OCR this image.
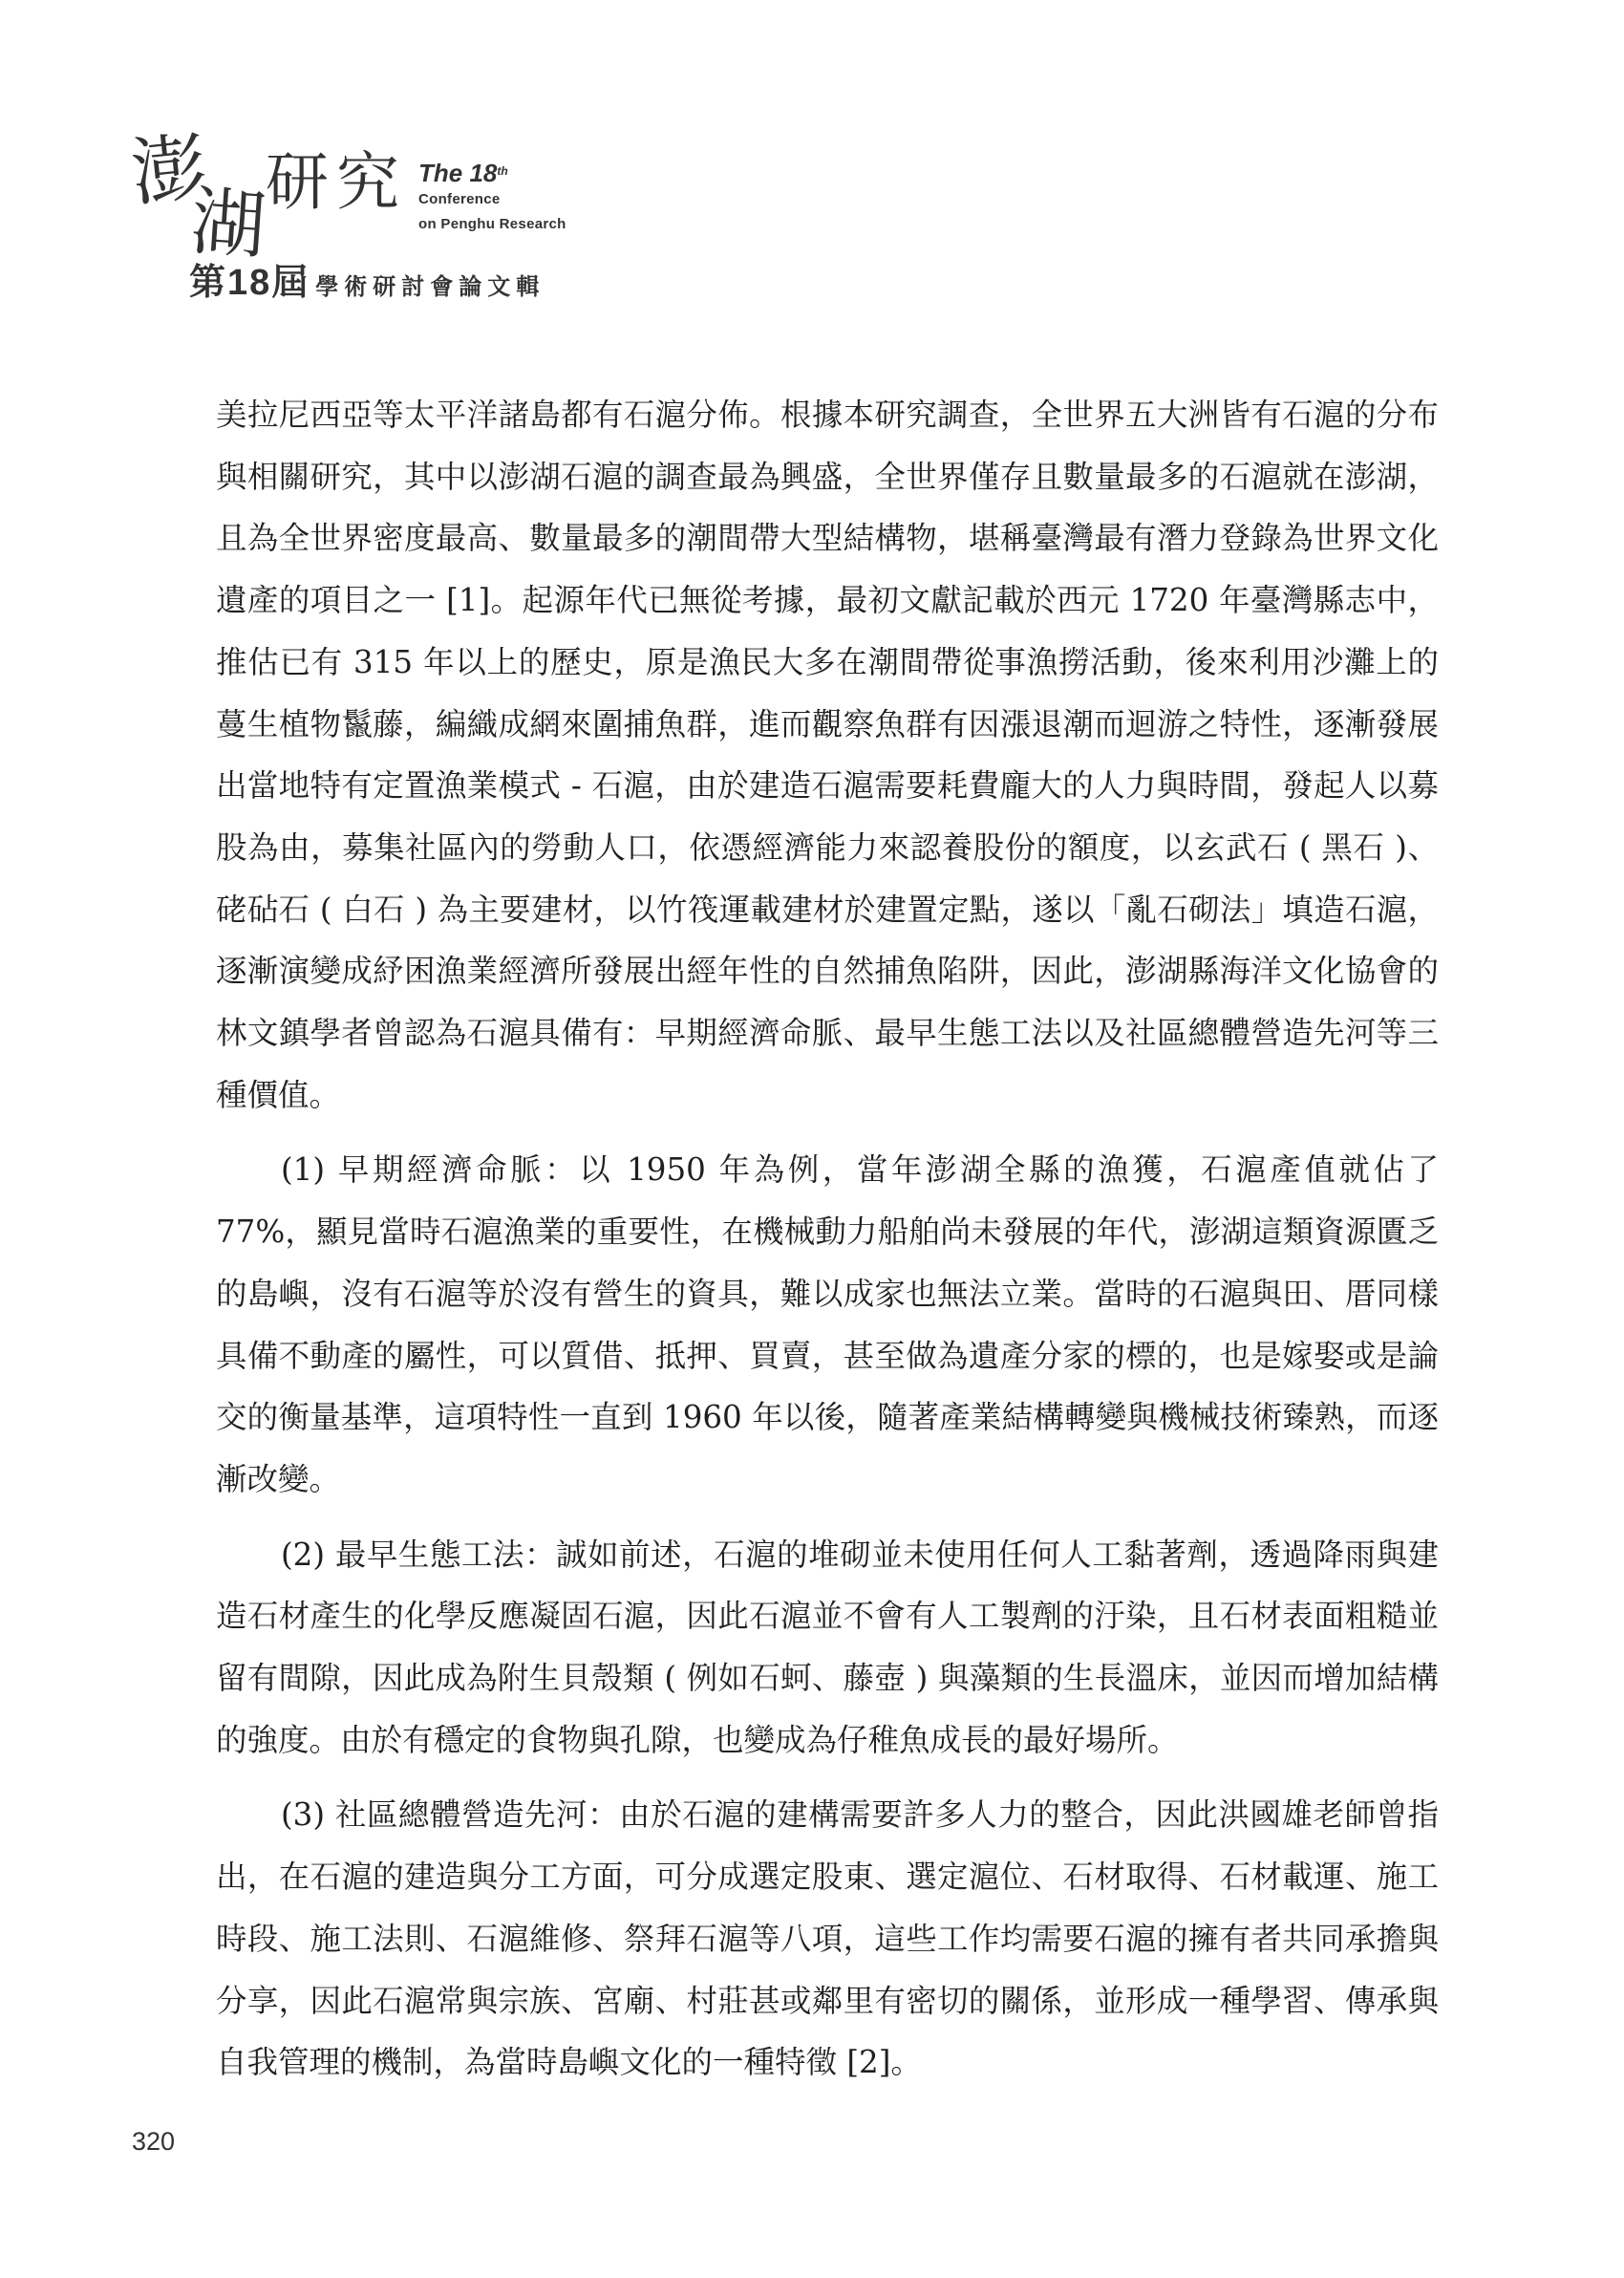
澎
湖
研 究 The 18th
Conference
on Penghu Research
第18屆 學術研討會論文輯

美拉尼西亞等太平洋諸島都有石滬分佈。根據本研究調查，全世界五大洲皆有石滬的分布與相關研究，其中以澎湖石滬的調查最為興盛，全世界僅存且數量最多的石滬就在澎湖，且為全世界密度最高、數量最多的潮間帶大型結構物，堪稱臺灣最有潛力登錄為世界文化遺產的項目之一 [1]。起源年代已無從考據，最初文獻記載於西元 1720 年臺灣縣志中，推估已有 315 年以上的歷史，原是漁民大多在潮間帶從事漁撈活動，後來利用沙灘上的蔓生植物鬣藤，編織成網來圍捕魚群，進而觀察魚群有因漲退潮而迴游之特性，逐漸發展出當地特有定置漁業模式 - 石滬，由於建造石滬需要耗費龐大的人力與時間，發起人以募股為由，募集社區內的勞動人口，依憑經濟能力來認養股份的額度，以玄武石 ( 黑石 )、硓砧石 ( 白石 ) 為主要建材，以竹筏運載建材於建置定點，遂以「亂石砌法」填造石滬，逐漸演變成紓困漁業經濟所發展出經年性的自然捕魚陷阱，因此，澎湖縣海洋文化協會的林文鎮學者曾認為石滬具備有：早期經濟命脈、最早生態工法以及社區總體營造先河等三種價值。

(1) 早期經濟命脈：以 1950 年為例，當年澎湖全縣的漁獲，石滬產值就佔了 77%，顯見當時石滬漁業的重要性，在機械動力船舶尚未發展的年代，澎湖這類資源匱乏的島嶼，沒有石滬等於沒有營生的資具，難以成家也無法立業。當時的石滬與田、厝同樣具備不動產的屬性，可以質借、抵押、買賣，甚至做為遺產分家的標的，也是嫁娶或是論交的衡量基準，這項特性一直到 1960 年以後，隨著產業結構轉變與機械技術臻熟，而逐漸改變。

(2) 最早生態工法：誠如前述，石滬的堆砌並未使用任何人工黏著劑，透過降雨與建造石材產生的化學反應凝固石滬，因此石滬並不會有人工製劑的汙染，且石材表面粗糙並留有間隙，因此成為附生貝殼類 ( 例如石蚵、藤壺 ) 與藻類的生長溫床，並因而增加結構的強度。由於有穩定的食物與孔隙，也變成為仔稚魚成長的最好場所。

(3) 社區總體營造先河：由於石滬的建構需要許多人力的整合，因此洪國雄老師曾指出，在石滬的建造與分工方面，可分成選定股東、選定滬位、石材取得、石材載運、施工時段、施工法則、石滬維修、祭拜石滬等八項，這些工作均需要石滬的擁有者共同承擔與分享，因此石滬常與宗族、宮廟、村莊甚或鄰里有密切的關係，並形成一種學習、傳承與自我管理的機制，為當時島嶼文化的一種特徵 [2]。

320
